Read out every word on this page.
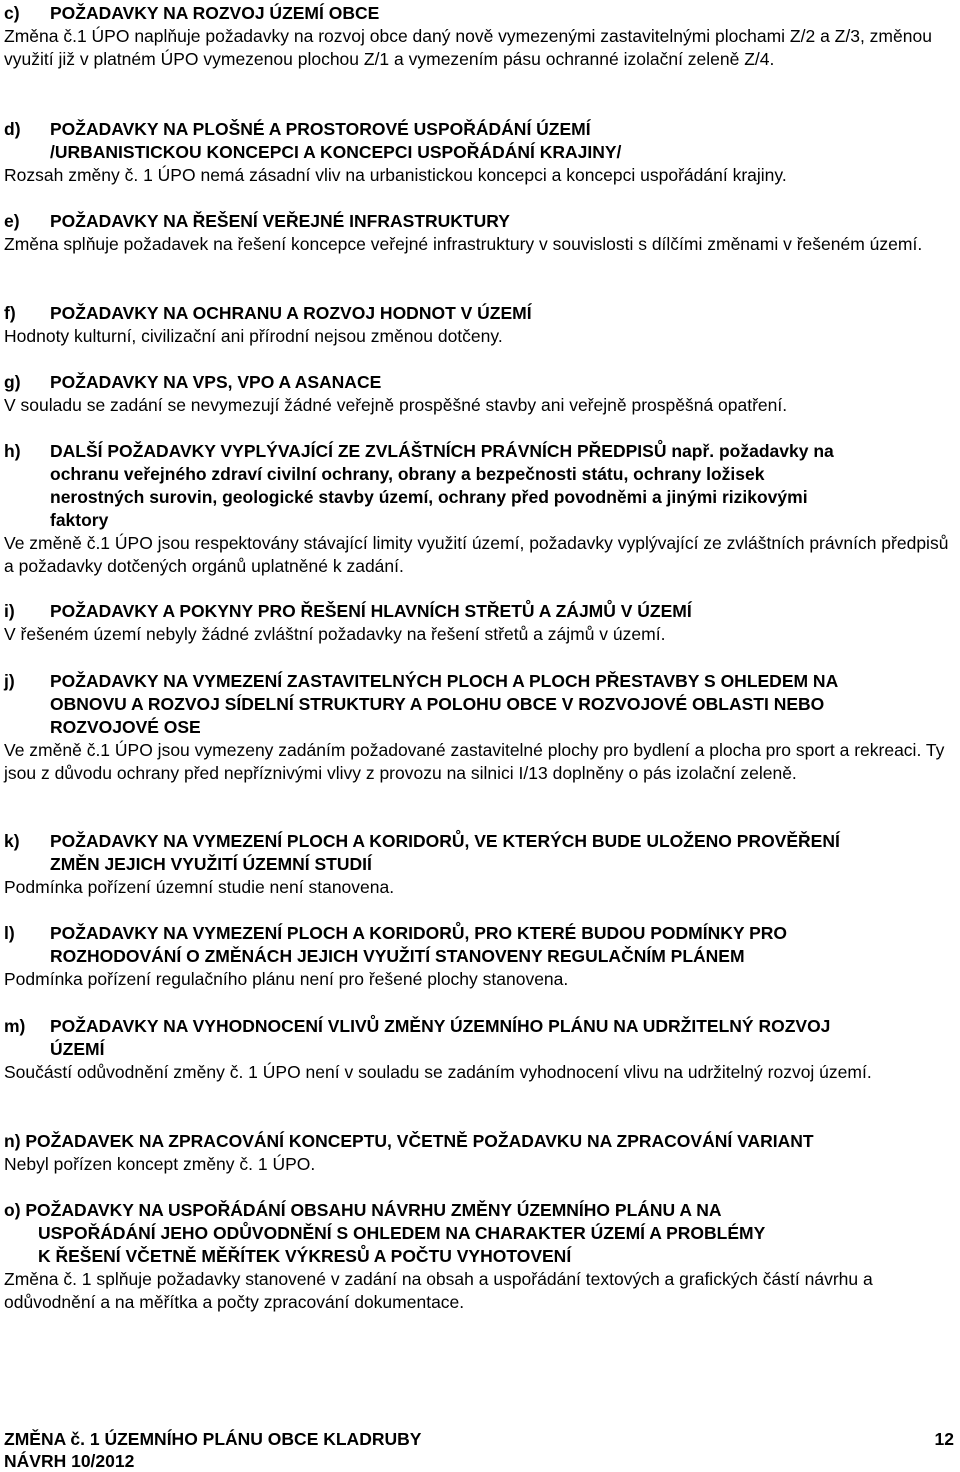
c) POŽADAVKY NA ROZVOJ ÚZEMÍ OBCE

Změna č.1 ÚPO naplňuje požadavky na rozvoj obce daný nově vymezenými zastavitelnými plochami Z/2 a Z/3, změnou využití již v platném ÚPO vymezenou plochou Z/1 a vymezením pásu ochranné izolační zeleně Z/4.

d) POŽADAVKY NA PLOŠNÉ A PROSTOROVÉ USPOŘÁDÁNÍ ÚZEMÍ
/URBANISTICKOU KONCEPCI A KONCEPCI USPOŘÁDÁNÍ KRAJINY/

Rozsah změny č. 1 ÚPO nemá zásadní vliv na urbanistickou koncepci a koncepci uspořádání krajiny.

e) POŽADAVKY NA ŘEŠENÍ VEŘEJNÉ INFRASTRUKTURY

Změna splňuje požadavek na řešení koncepce veřejné infrastruktury v souvislosti s dílčími změnami v řešeném území.

f) POŽADAVKY NA OCHRANU A ROZVOJ HODNOT V ÚZEMÍ

Hodnoty kulturní, civilizační ani přírodní nejsou změnou dotčeny.

g) POŽADAVKY NA VPS, VPO A ASANACE

V souladu se zadání se nevymezují žádné veřejně prospěšné stavby ani veřejně prospěšná opatření.

h) DALŠÍ POŽADAVKY VYPLÝVAJÍCÍ ZE ZVLÁŠTNÍCH PRÁVNÍCH PŘEDPISŮ např. požadavky na
ochranu veřejného zdraví civilní ochrany, obrany a bezpečnosti státu, ochrany ložisek
nerostných surovin, geologické stavby území, ochrany před povodněmi a jinými rizikovými
faktory

Ve změně č.1 ÚPO jsou respektovány stávající limity využití území, požadavky vyplývající ze zvláštních právních předpisů a požadavky dotčených orgánů uplatněné k zadání.

i) POŽADAVKY A POKYNY PRO ŘEŠENÍ HLAVNÍCH STŘETŮ A ZÁJMŮ V ÚZEMÍ

V řešeném území nebyly žádné zvláštní požadavky na řešení střetů a zájmů v území.

j) POŽADAVKY NA VYMEZENÍ ZASTAVITELNÝCH PLOCH A PLOCH PŘESTAVBY S OHLEDEM NA
OBNOVU A ROZVOJ SÍDELNÍ STRUKTURY A POLOHU OBCE V ROZVOJOVÉ OBLASTI NEBO
ROZVOJOVÉ OSE

Ve změně č.1 ÚPO jsou vymezeny zadáním požadované zastavitelné plochy pro bydlení a plocha pro sport a rekreaci. Ty jsou z důvodu ochrany před nepříznivými vlivy z provozu na silnici I/13 doplněny o pás izolační zeleně.

k) POŽADAVKY NA VYMEZENÍ PLOCH A KORIDORŮ, VE KTERÝCH BUDE ULOŽENO PROVĚŘENÍ
ZMĚN JEJICH VYUŽITÍ ÚZEMNÍ STUDIÍ

Podmínka pořízení územní studie není stanovena.

l) POŽADAVKY NA VYMEZENÍ PLOCH A KORIDORŮ, PRO KTERÉ BUDOU PODMÍNKY PRO
ROZHODOVÁNÍ O ZMĚNÁCH JEJICH VYUŽITÍ STANOVENY REGULAČNÍM PLÁNEM

Podmínka pořízení regulačního plánu není pro řešené plochy stanovena.

m) POŽADAVKY NA VYHODNOCENÍ VLIVŮ ZMĚNY ÚZEMNÍHO PLÁNU NA UDRŽITELNÝ ROZVOJ
ÚZEMÍ

Součástí odůvodnění změny č. 1 ÚPO není v souladu se zadáním vyhodnocení vlivu na udržitelný rozvoj území.

n) POŽADAVEK NA ZPRACOVÁNÍ KONCEPTU, VČETNĚ POŽADAVKU NA ZPRACOVÁNÍ VARIANT

Nebyl pořízen koncept změny č. 1 ÚPO.

o) POŽADAVKY NA USPOŘÁDÁNÍ OBSAHU NÁVRHU ZMĚNY ÚZEMNÍHO PLÁNU A NA
USPOŘÁDÁNÍ JEHO ODŮVODNĚNÍ S OHLEDEM NA CHARAKTER ÚZEMÍ A PROBLÉMY
K ŘEŠENÍ VČETNĚ MĚŘÍTEK VÝKRESŮ A POČTU VYHOTOVENÍ

Změna č. 1 splňuje požadavky stanovené v zadání na obsah a uspořádání textových a grafických částí návrhu a odůvodnění a na měřítka a počty zpracování dokumentace.

ZMĚNA č. 1 ÚZEMNÍHO PLÁNU OBCE KLADRUBY
NÁVRH 10/2012
12
